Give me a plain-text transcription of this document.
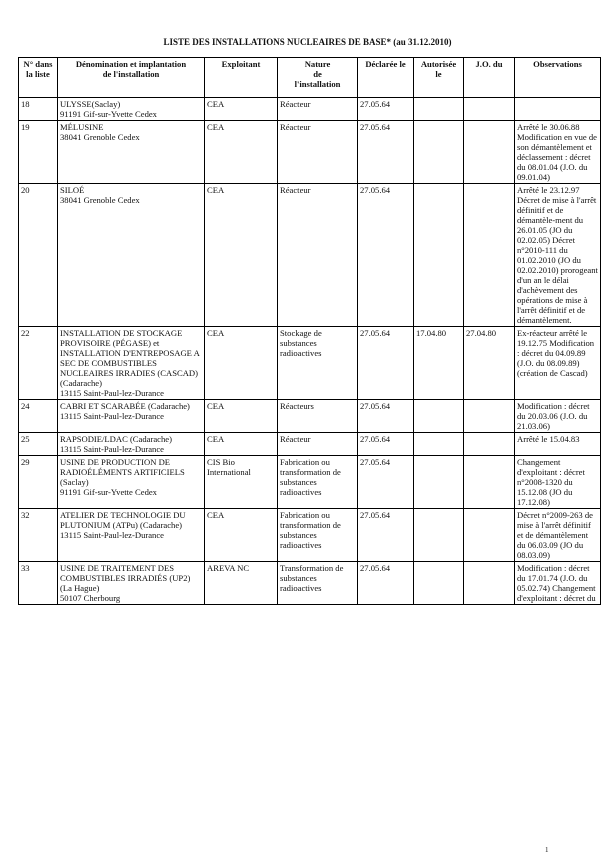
LISTE DES INSTALLATIONS NUCLEAIRES DE BASE* (au 31.12.2010)
N° dans
la liste	Dénomination et implantation
de l'installation	Exploitant	Nature
de
l'installation	Déclarée le	Autorisée
le	J.O. du	Observations
18	ULYSSE(Saclay)
91191 Gif-sur-Yvette Cedex	CEA	Réacteur	27.05.64			
19	MÉLUSINE
38041 Grenoble Cedex	CEA	Réacteur	27.05.64			Arrêté le 30.06.88 Modification en vue de son démantèlement et déclassement : décret du 08.01.04 (J.O. du 09.01.04)
20	SILOÉ
38041 Grenoble Cedex	CEA	Réacteur	27.05.64			Arrêté le 23.12.97 Décret de mise à l'arrêt définitif et de démantèle-ment du 26.01.05 (JO du 02.02.05) Décret n°2010-111 du 01.02.2010 (JO du 02.02.2010) prorogeant d'un an le délai d'achèvement des opérations de mise à l'arrêt définitif et de démantèlement.
22	INSTALLATION DE STOCKAGE PROVISOIRE (PÉGASE) et INSTALLATION D'ENTREPOSAGE A SEC DE COMBUSTIBLES NUCLEAIRES IRRADIES (CASCAD) (Cadarache)
13115 Saint-Paul-lez-Durance	CEA	Stockage de substances radioactives	27.05.64	17.04.80	27.04.80	Ex-réacteur arrêté le 19.12.75 Modification : décret du 04.09.89 (J.O. du 08.09.89) (création de Cascad)
24	CABRI ET SCARABÉE (Cadarache)
13115 Saint-Paul-lez-Durance	CEA	Réacteurs	27.05.64			Modification : décret du 20.03.06 (J.O. du 21.03.06)
25	RAPSODIE/LDAC (Cadarache)
13115 Saint-Paul-lez-Durance	CEA	Réacteur	27.05.64			Arrêté le 15.04.83
29	USINE DE PRODUCTION DE RADIOÉLÉMENTS ARTIFICIELS (Saclay)
91191 Gif-sur-Yvette Cedex	CIS Bio International	Fabrication ou transformation de substances radioactives	27.05.64			Changement d'exploitant : décret n°2008-1320 du 15.12.08 (JO du 17.12.08)
32	ATELIER DE TECHNOLOGIE DU PLUTONIUM (ATPu) (Cadarache)
13115 Saint-Paul-lez-Durance	CEA	Fabrication ou transformation de substances radioactives	27.05.64			Décret n°2009-263 de mise à l'arrêt définitif et de démantèlement du 06.03.09 (JO du 08.03.09)
33	USINE DE TRAITEMENT DES COMBUSTIBLES IRRADIÉS (UP2) (La Hague)
50107 Cherbourg	AREVA NC	Transformation de substances radioactives	27.05.64			Modification : décret du 17.01.74 (J.O. du 05.02.74) Changement d'exploitant : décret du
1
